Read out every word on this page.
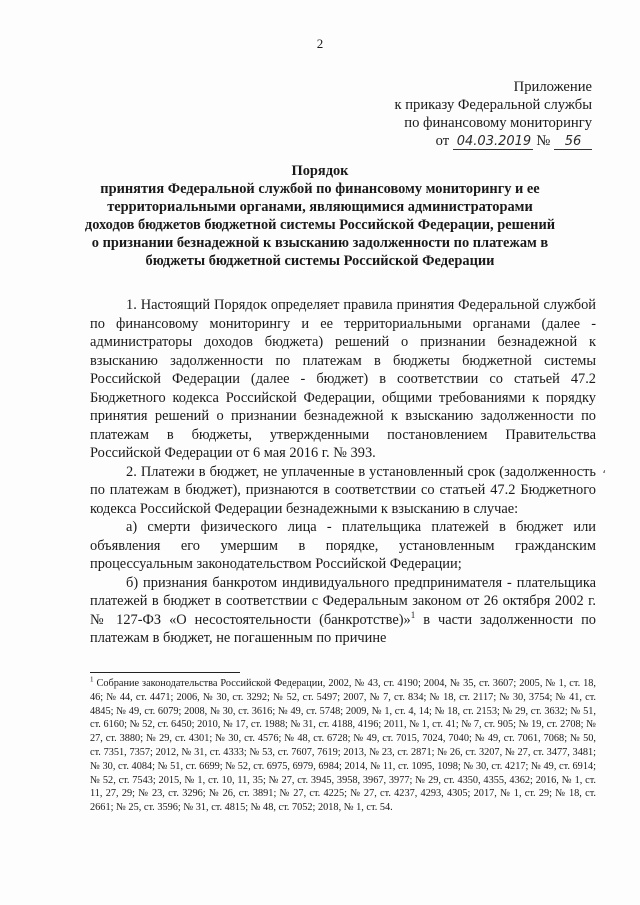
2
Приложение
к приказу Федеральной службы
по финансовому мониторингу
от 04.03.2019 № 56
Порядок
принятия Федеральной службой по финансовому мониторингу и ее
территориальными органами, являющимися администраторами
доходов бюджетов бюджетной системы Российской Федерации, решений
о признании безнадежной к взысканию задолженности по платежам в
бюджеты бюджетной системы Российской Федерации

1. Настоящий Порядок определяет правила принятия Федеральной службой по финансовому мониторингу и ее территориальными органами (далее - администраторы доходов бюджета) решений о признании безнадежной к взысканию задолженности по платежам в бюджеты бюджетной системы Российской Федерации (далее - бюджет) в соответствии со статьей 47.2 Бюджетного кодекса Российской Федерации, общими требованиями к порядку принятия решений о признании безнадежной к взысканию задолженности по платежам в бюджеты, утвержденными постановлением Правительства Российской Федерации от 6 мая 2016 г. № 393.

2. Платежи в бюджет, не уплаченные в установленный срок (задолженность по платежам в бюджет), признаются в соответствии со статьей 47.2 Бюджетного кодекса Российской Федерации безнадежными к взысканию в случае:

а) смерти физического лица - плательщика платежей в бюджет или объявления его умершим в порядке, установленным гражданским процессуальным законодательством Российской Федерации;

б) признания банкротом индивидуального предпринимателя - плательщика платежей в бюджет в соответствии с Федеральным законом от 26 октября 2002 г. № 127-ФЗ «О несостоятельности (банкротстве)»$^1$ в части задолженности по платежам в бюджет, не погашенным по причине

،

$^1$ Собрание законодательства Российской Федерации, 2002, № 43, ст. 4190; 2004, № 35, ст. 3607; 2005, № 1, ст. 18, 46; № 44, ст. 4471; 2006, № 30, ст. 3292; № 52, ст. 5497; 2007, № 7, ст. 834; № 18, ст. 2117; № 30, 3754; № 41, ст. 4845; № 49, ст. 6079; 2008, № 30, ст. 3616; № 49, ст. 5748; 2009, № 1, ст. 4, 14; № 18, ст. 2153; № 29, ст. 3632; № 51, ст. 6160; № 52, ст. 6450; 2010, № 17, ст. 1988; № 31, ст. 4188, 4196; 2011, № 1, ст. 41; № 7, ст. 905; № 19, ст. 2708; № 27, ст. 3880; № 29, ст. 4301; № 30, ст. 4576; № 48, ст. 6728; № 49, ст. 7015, 7024, 7040; № 49, ст. 7061, 7068; № 50, ст. 7351, 7357; 2012, № 31, ст. 4333; № 53, ст. 7607, 7619; 2013, № 23, ст. 2871; № 26, ст. 3207, № 27, ст. 3477, 3481; № 30, ст. 4084; № 51, ст. 6699; № 52, ст. 6975, 6979, 6984; 2014, № 11, ст. 1095, 1098; № 30, ст. 4217; № 49, ст. 6914; № 52, ст. 7543; 2015, № 1, ст. 10, 11, 35; № 27, ст. 3945, 3958, 3967, 3977; № 29, ст. 4350, 4355, 4362; 2016, № 1, ст. 11, 27, 29; № 23, ст. 3296; № 26, ст. 3891; № 27, ст. 4225; № 27, ст. 4237, 4293, 4305; 2017, № 1, ст. 29; № 18, ст. 2661; № 25, ст. 3596; № 31, ст. 4815; № 48, ст. 7052; 2018, № 1, ст. 54.
